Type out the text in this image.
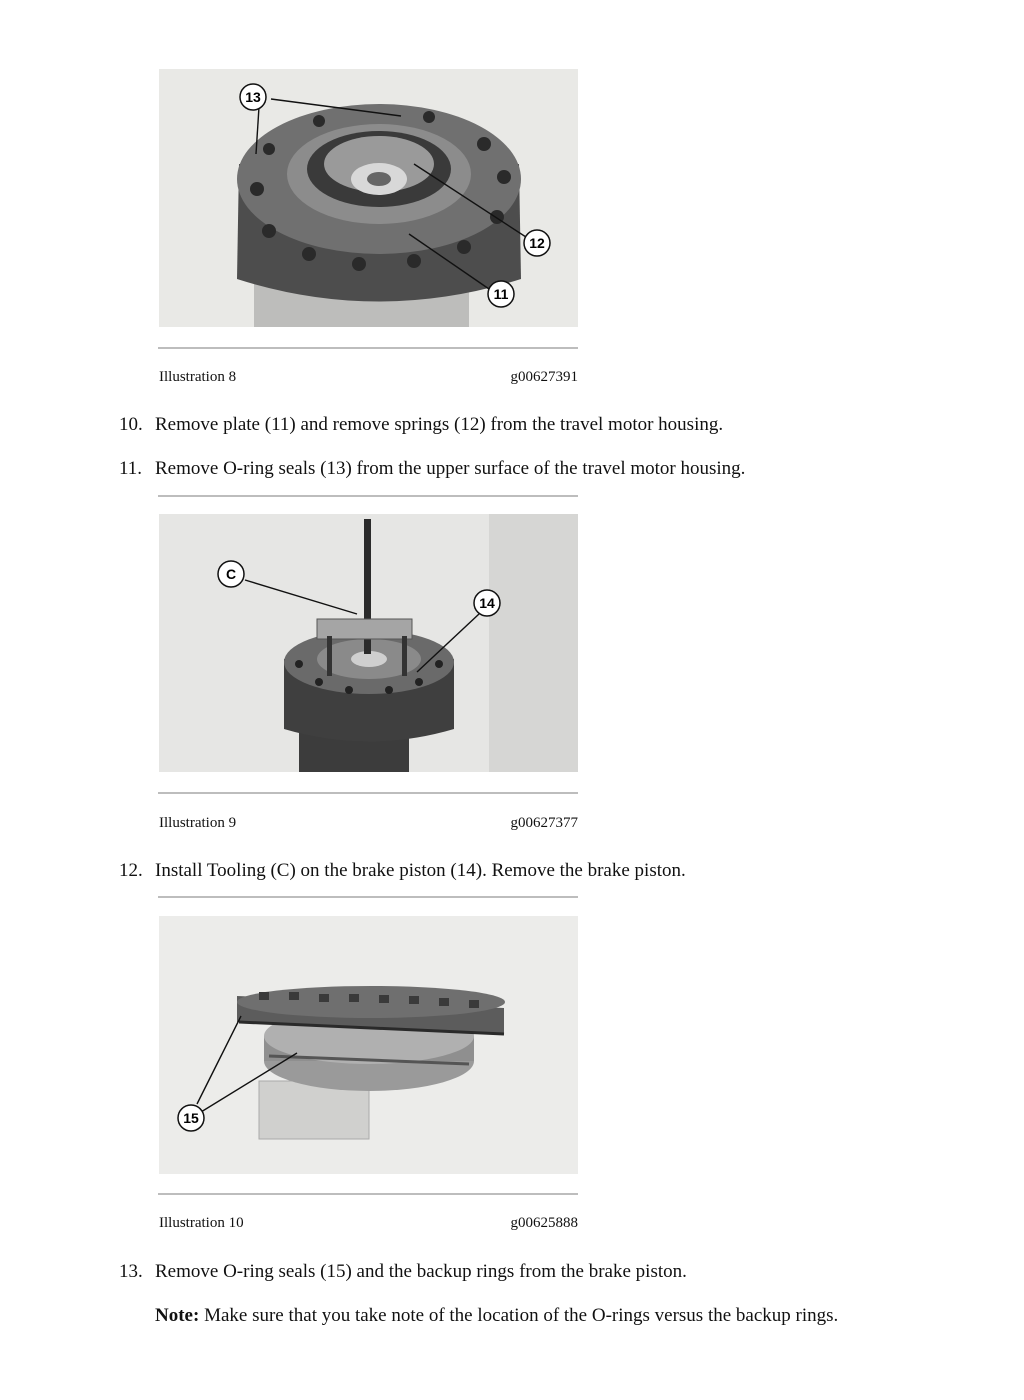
13
12
11
Illustration 8	g00627391
10. Remove plate (11) and remove springs (12) from the travel motor housing.
11. Remove O-ring seals (13) from the upper surface of the travel motor housing.
C
14
Illustration 9	g00627377
12. Install Tooling (C) on the brake piston (14). Remove the brake piston.
15
Illustration 10	g00625888
13. Remove O-ring seals (15) and the backup rings from the brake piston.
Note: Make sure that you take note of the location of the O-rings versus the backup rings.
